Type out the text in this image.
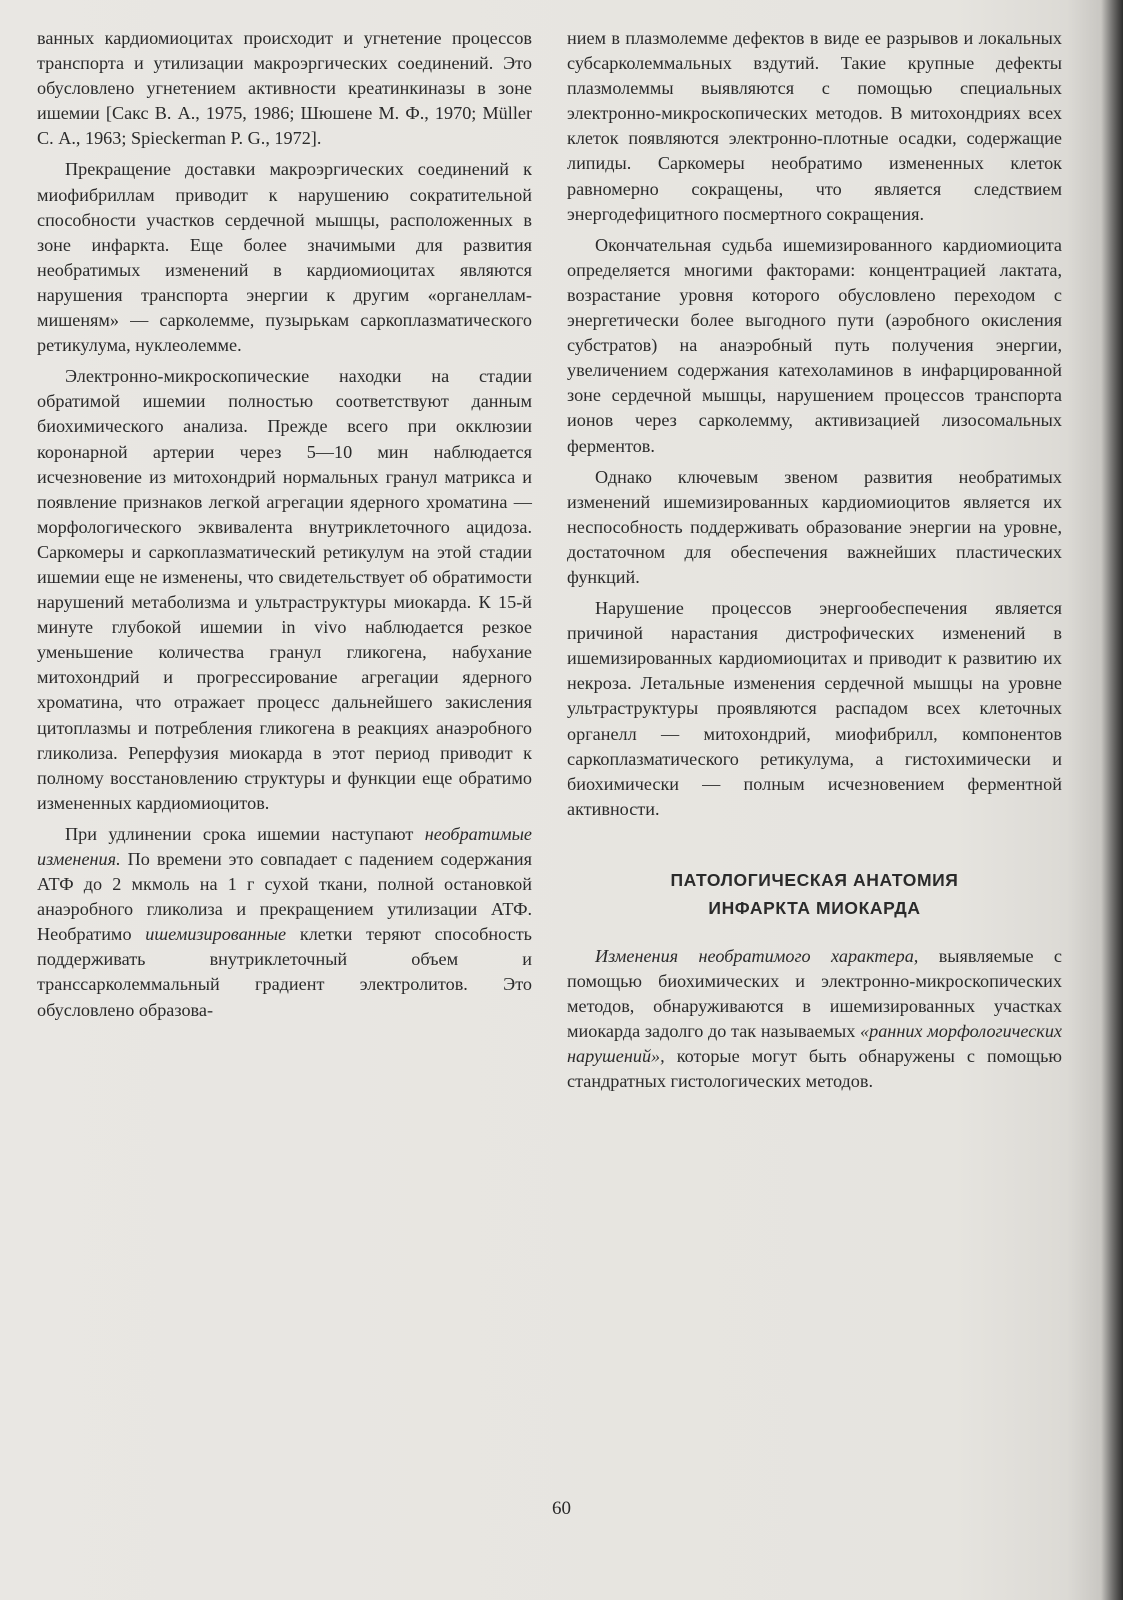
ванных кардиомиоцитах происходит и угнетение процессов транспорта и утилизации макроэргических соединений. Это обусловлено угнетением активности креатинкиназы в зоне ишемии [Сакс В. А., 1975, 1986; Шюшене М. Ф., 1970; Müller С. А., 1963; Spieckerman P. G., 1972].

Прекращение доставки макроэргических соединений к миофибриллам приводит к нарушению сократительной способности участков сердечной мышцы, расположенных в зоне инфаркта. Еще более значимыми для развития необратимых изменений в кардиомиоцитах являются нарушения транспорта энергии к другим «органеллам-мишеням» — сарколемме, пузырькам саркоплазматического ретикулума, нуклеолемме.

Электронно-микроскопические находки на стадии обратимой ишемии полностью соответствуют данным биохимического анализа. Прежде всего при окклюзии коронарной артерии через 5—10 мин наблюдается исчезновение из митохондрий нормальных гранул матрикса и появление признаков легкой агрегации ядерного хроматина — морфологического эквивалента внутриклеточного ацидоза. Саркомеры и саркоплазматический ретикулум на этой стадии ишемии еще не изменены, что свидетельствует об обратимости нарушений метаболизма и ультраструктуры миокарда. К 15-й минуте глубокой ишемии in vivo наблюдается резкое уменьшение количества гранул гликогена, набухание митохондрий и прогрессирование агрегации ядерного хроматина, что отражает процесс дальнейшего закисления цитоплазмы и потребления гликогена в реакциях анаэробного гликолиза. Реперфузия миокарда в этот период приводит к полному восстановлению структуры и функции еще обратимо измененных кардиомиоцитов.

При удлинении срока ишемии наступают необратимые изменения. По времени это совпадает с падением содержания АТФ до 2 мкмоль на 1 г сухой ткани, полной остановкой анаэробного гликолиза и прекращением утилизации АТФ. Необратимо ишемизированные клетки теряют способность поддерживать внутриклеточный объем и транссарколеммальный градиент электролитов. Это обусловлено образова-

нием в плазмолемме дефектов в виде ее разрывов и локальных субсарколеммальных вздутий. Такие крупные дефекты плазмолеммы выявляются с помощью специальных электронно-микроскопических методов. В митохондриях всех клеток появляются электронно-плотные осадки, содержащие липиды. Саркомеры необратимо измененных клеток равномерно сокращены, что является следствием энергодефицитного посмертного сокращения.

Окончательная судьба ишемизированного кардиомиоцита определяется многими факторами: концентрацией лактата, возрастание уровня которого обусловлено переходом с энергетически более выгодного пути (аэробного окисления субстратов) на анаэробный путь получения энергии, увеличением содержания катехоламинов в инфарцированной зоне сердечной мышцы, нарушением процессов транспорта ионов через сарколемму, активизацией лизосомальных ферментов.

Однако ключевым звеном развития необратимых изменений ишемизированных кардиомиоцитов является их неспособность поддерживать образование энергии на уровне, достаточном для обеспечения важнейших пластических функций.

Нарушение процессов энергообеспечения является причиной нарастания дистрофических изменений в ишемизированных кардиомиоцитах и приводит к развитию их некроза. Летальные изменения сердечной мышцы на уровне ультраструктуры проявляются распадом всех клеточных органелл — митохондрий, миофибрилл, компонентов саркоплазматического ретикулума, а гистохимически и биохимически — полным исчезновением ферментной активности.

ПАТОЛОГИЧЕСКАЯ АНАТОМИЯ
ИНФАРКТА МИОКАРДА

Изменения необратимого характера, выявляемые с помощью биохимических и электронно-микроскопических методов, обнаруживаются в ишемизированных участках миокарда задолго до так называемых «ранних морфологических нарушений», которые могут быть обнаружены с помощью стандратных гистологических методов.

60
